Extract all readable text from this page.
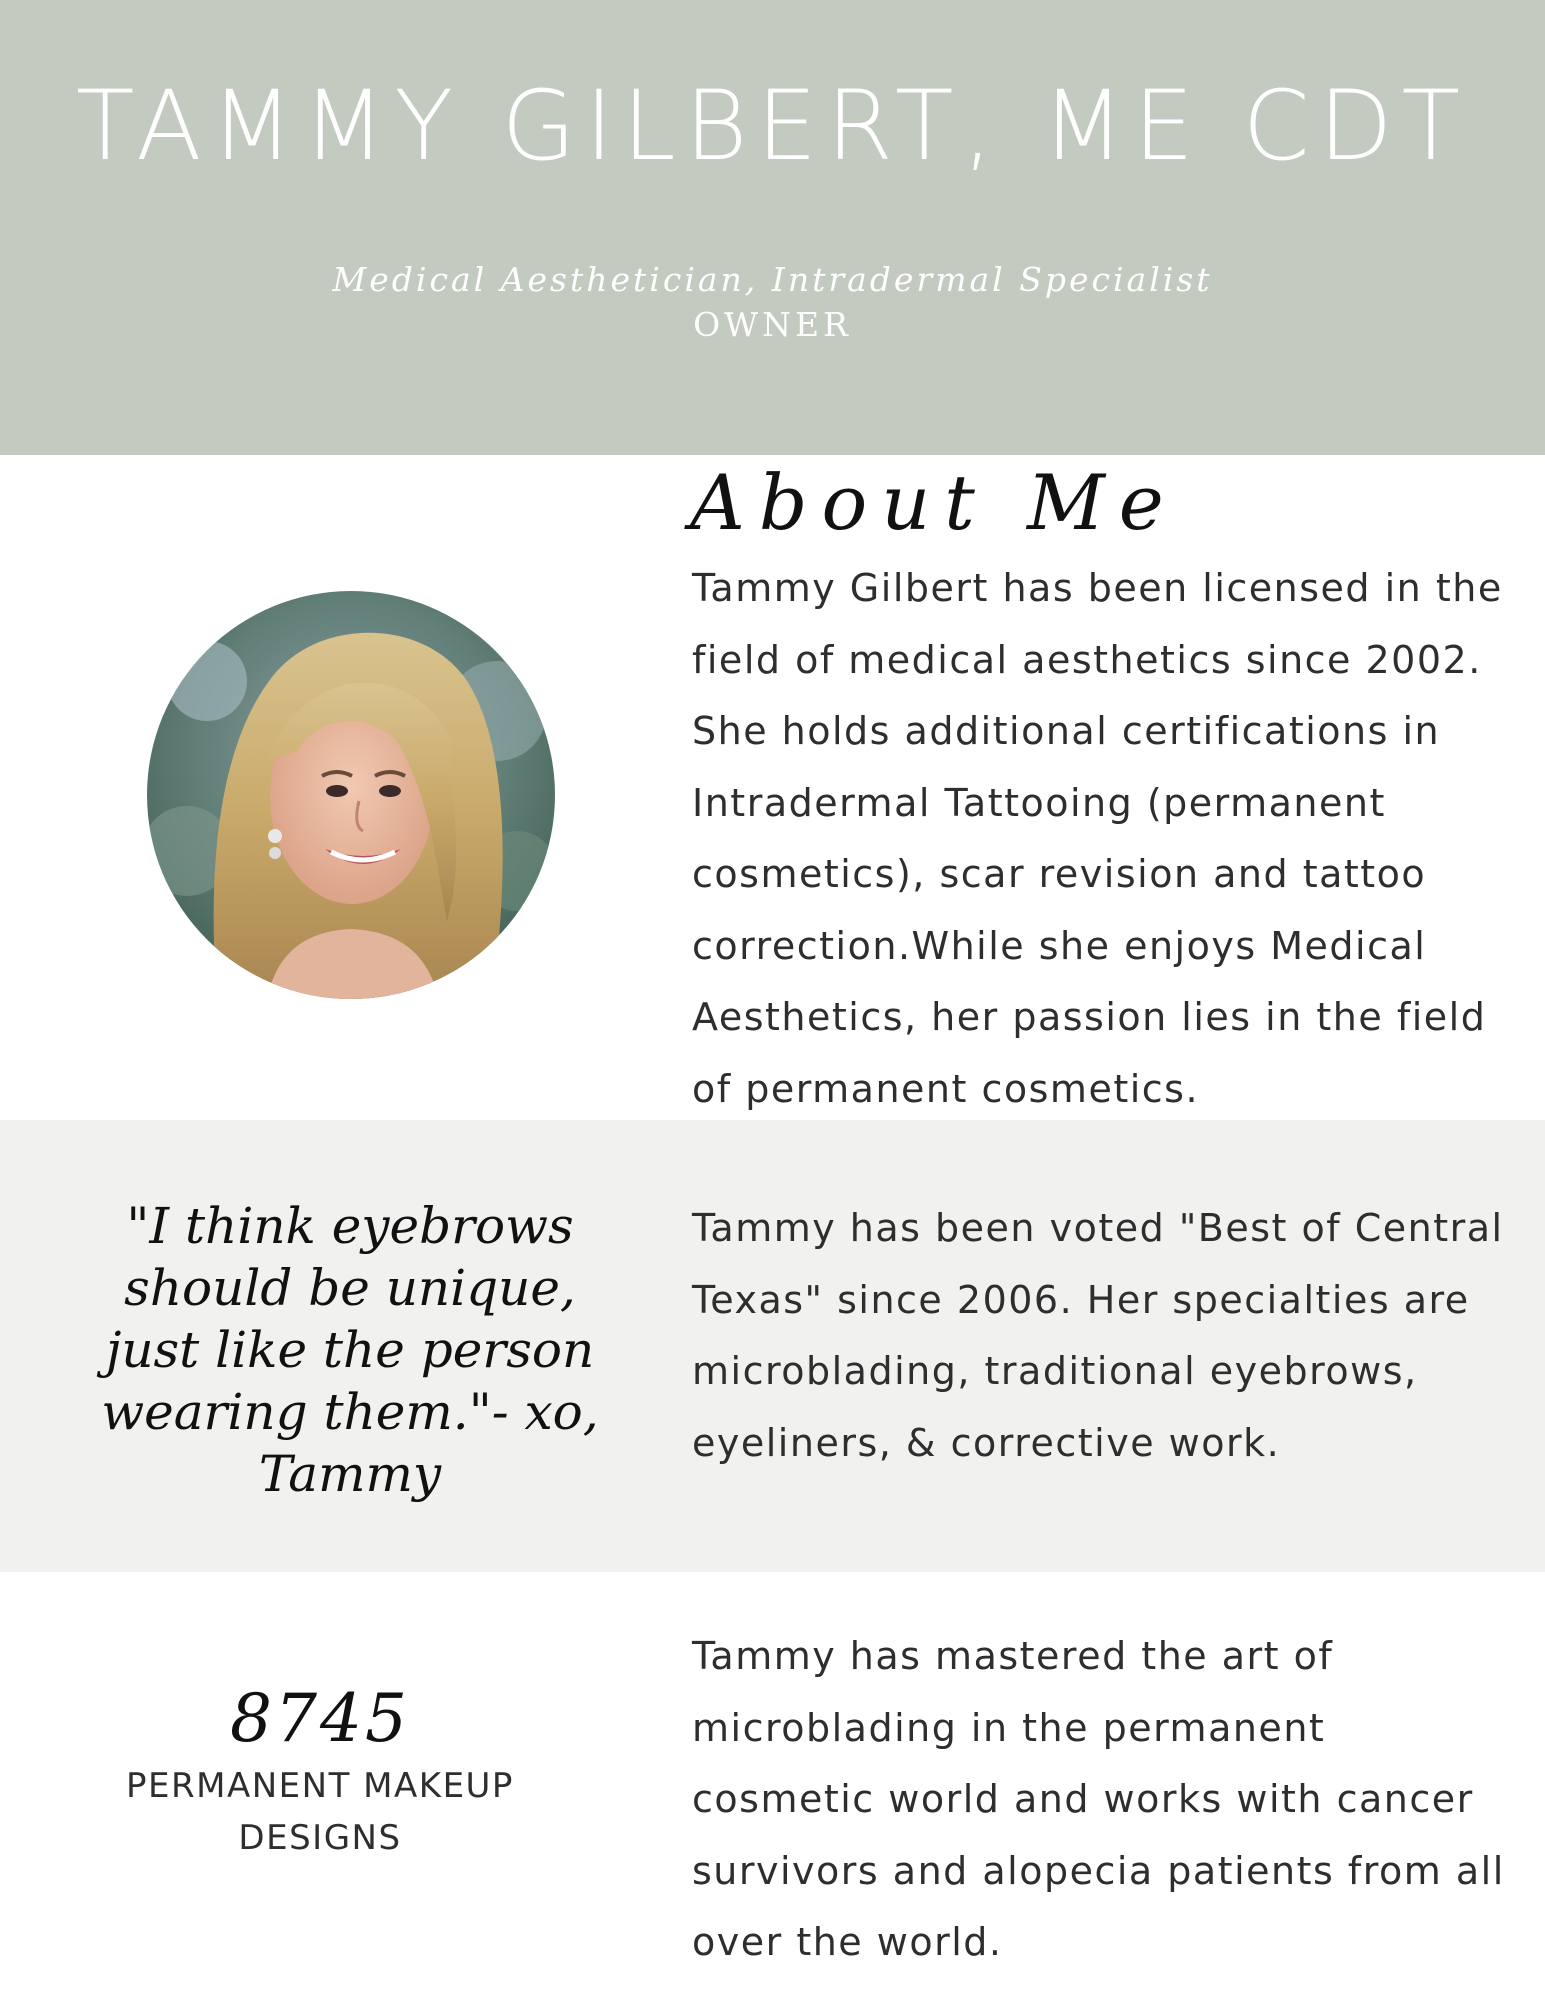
TAMMY GILBERT, ME CDT
Medical Aesthetician, Intradermal Specialist
OWNER
About Me
Tammy Gilbert has been licensed in the field of medical aesthetics since 2002. She holds additional certifications in Intradermal Tattooing (permanent cosmetics), scar revision and tattoo correction.While she enjoys Medical Aesthetics, her passion lies in the field of permanent cosmetics.
"I think eyebrows should be unique, just like the person wearing them."- xo, Tammy
Tammy has been voted "Best of Central Texas" since 2006. Her specialties are microblading, traditional eyebrows, eyeliners, & corrective work.
8745
PERMANENT MAKEUP DESIGNS
Tammy has mastered the art of microblading in the permanent cosmetic world and works with cancer survivors and alopecia patients from all over the world.
